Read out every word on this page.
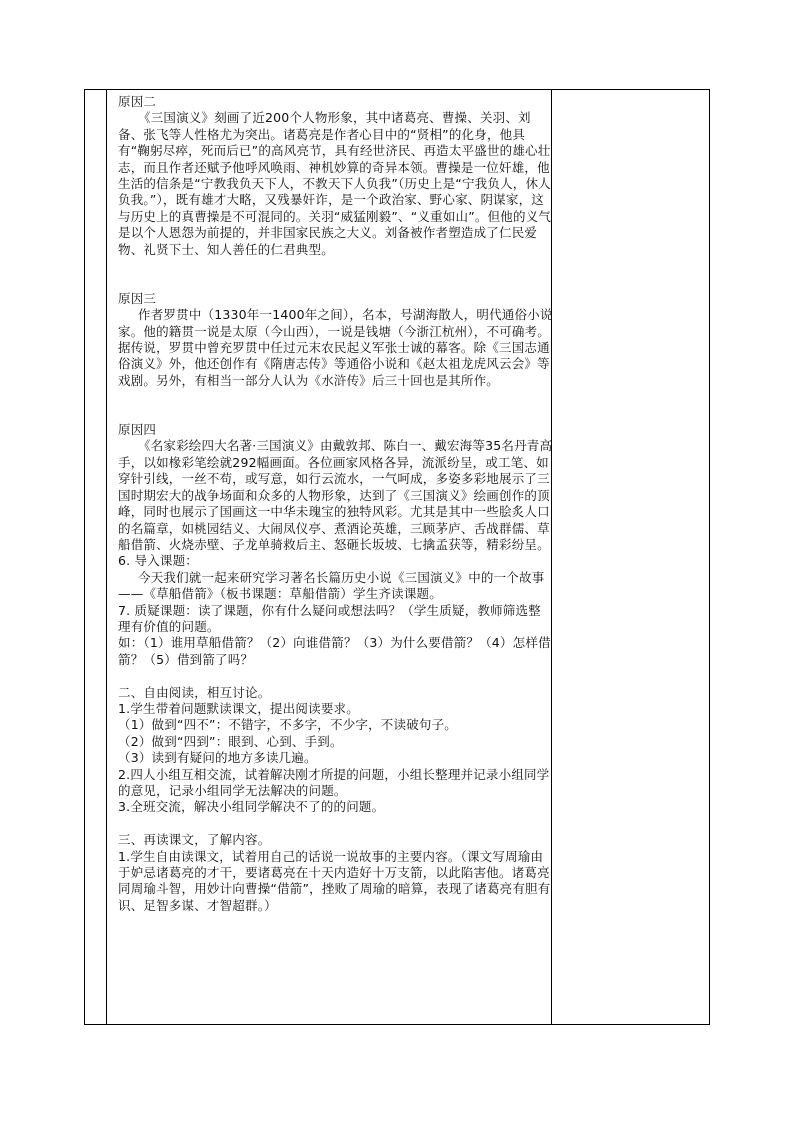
原因二

《三国演义》刻画了近200个人物形象，其中诸葛亮、曹操、关羽、刘备、张飞等人性格尤为突出。诸葛亮是作者心目中的“贤相”的化身，他具有“鞠躬尽瘁，死而后已”的高风亮节，具有经世济民、再造太平盛世的雄心壮志，而且作者还赋予他呼风唤雨、神机妙算的奇异本领。曹操是一位奸雄，他生活的信条是“宁教我负天下人，不教天下人负我”（历史上是“宁我负人，休人负我。”），既有雄才大略，又残暴奸诈，是一个政治家、野心家、阴谋家，这与历史上的真曹操是不可混同的。关羽“威猛刚毅”、“义重如山”。但他的义气是以个人恩怨为前提的，并非国家民族之大义。刘备被作者塑造成了仁民爱物、礼贤下士、知人善任的仁君典型。

原因三

作者罗贯中（1330年一1400年之间），名本，号湖海散人，明代通俗小说家。他的籍贯一说是太原（今山西），一说是钱塘（今浙江杭州），不可确考。据传说，罗贯中曾充罗贯中任过元末农民起义军张士诚的幕客。除《三国志通俗演义》外，他还创作有《隋唐志传》等通俗小说和《赵太祖龙虎风云会》等戏剧。另外，有相当一部分人认为《水浒传》后三十回也是其所作。

原因四

《名家彩绘四大名著·三国演义》由戴敦邦、陈白一、戴宏海等35名丹青高手，以如椽彩笔绘就292幅画面。各位画家风格各异，流派纷呈，或工笔、如穿针引线，一丝不苟，或写意，如行云流水，一气呵成，多姿多彩地展示了三国时期宏大的战争场面和众多的人物形象，达到了《三国演义》绘画创作的顶峰，同时也展示了国画这一中华未瑰宝的独特风彩。尤其是其中一些脍炙人口的名篇章，如桃园结义、大闹凤仪亭、煮酒论英雄，三顾茅庐、舌战群儒、草船借箭、火烧赤壁、子龙单骑救后主、怒砸长坂坡、七擒孟获等，精彩纷呈。

6. 导入课题：

今天我们就一起来研究学习著名长篇历史小说《三国演义》中的一个故事——《草船借箭》（板书课题：草船借箭）学生齐读课题。

7. 质疑课题：读了课题，你有什么疑问或想法吗？（学生质疑，教师筛选整理有价值的问题。

如：（1）谁用草船借箭？（2）向谁借箭？（3）为什么要借箭？（4）怎样借箭？（5）借到箭了吗？

二、自由阅读，相互讨论。

1.学生带着问题默读课文，提出阅读要求。

（1）做到“四不”：不错字，不多字，不少字，不读破句子。

（2）做到“四到”：眼到、心到、手到。

（3）读到有疑问的地方多读几遍。

2.四人小组互相交流，试着解决刚才所提的问题，小组长整理并记录小组同学的意见，记录小组同学无法解决的问题。

3.全班交流，解决小组同学解决不了的的问题。

三、再读课文，了解内容。

1.学生自由读课文，试着用自己的话说一说故事的主要内容。（课文写周瑜由于妒忌诸葛亮的才干，要诸葛亮在十天内造好十万支箭，以此陷害他。诸葛亮同周瑜斗智，用妙计向曹操“借箭”，挫败了周瑜的暗算，表现了诸葛亮有胆有识、足智多谋、才智超群。）
